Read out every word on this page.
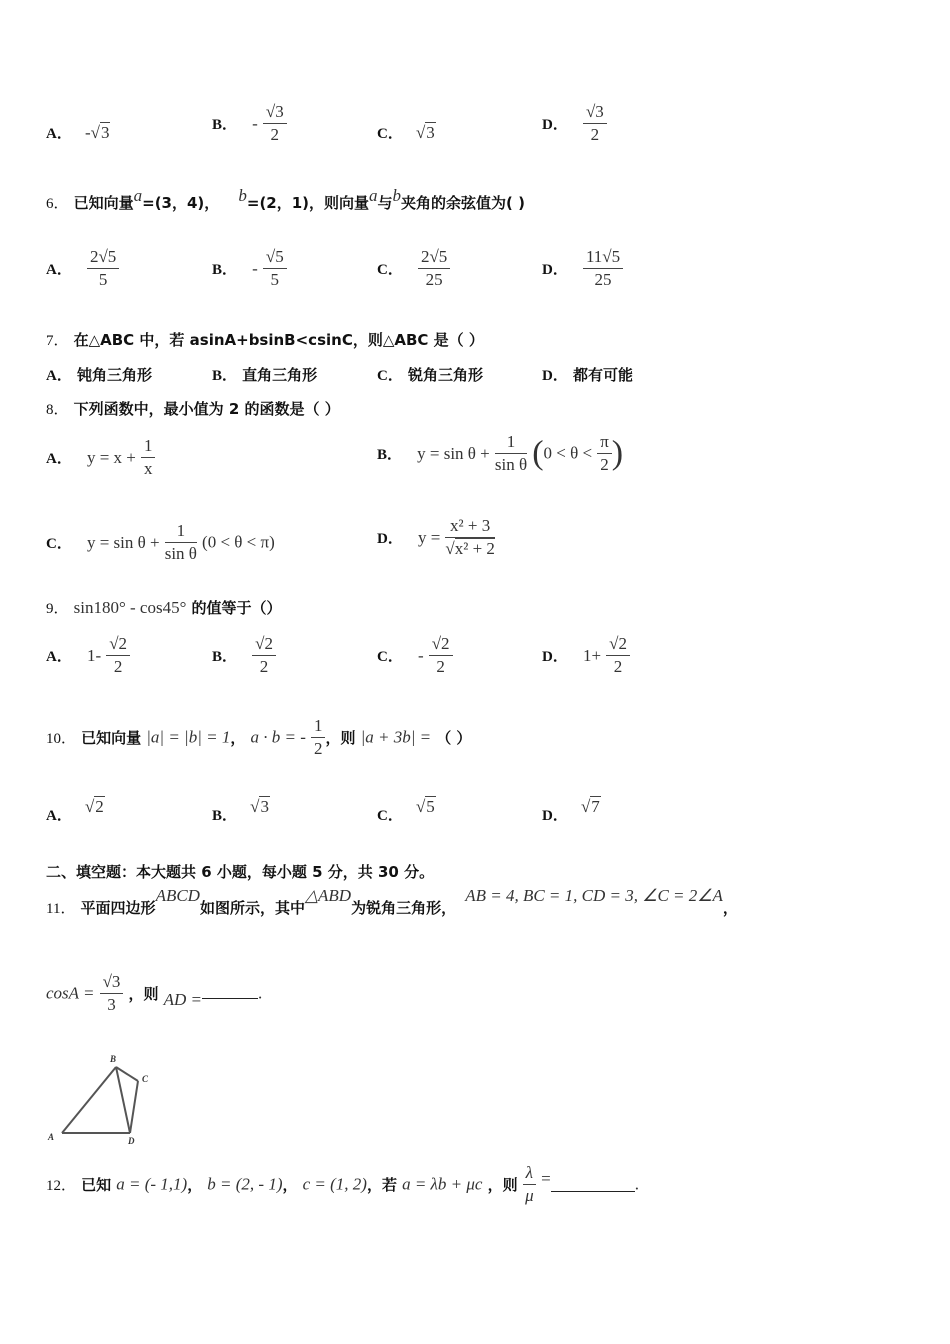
A． -√3	B． - $\frac{√3}{2}$	C． √3	D． $\frac{√3}{2}$
6． 已知向量a=(3，4)， b=(2，1)，则向量a与b夹角的余弦值为( )
A． $\frac{2√5}{5}$	B． - $\frac{√5}{5}$	C． $\frac{2√5}{25}$	D． $\frac{11√5}{25}$
7． 在△ABC 中，若 asinA+bsinB<csinC，则△ABC 是（ ）
A． 钝角三角形	B． 直角三角形	C． 锐角三角形	D． 都有可能
8． 下列函数中，最小值为 2 的函数是（ ）
A． $y = x + \frac{1}{x}$	B． $y = \sin \theta + \frac{1}{\text{sin θ}} (0 < \theta < \frac{\pi}{2}$ )
C． $y = \sin \theta + \frac{1}{\text{sin θ}} (0 < \theta < \pi)$	D． $y = \frac{\text{x² + 3}}{\text{√x² + 2}}$
9． sin180° - cos45° 的值等于（）
A． $1- \frac{√2}{2}$	B． $\frac{√2}{2}$	C． - $\frac{√2}{2}$	D． $1+ \frac{√2}{2}$
10． 已知向量 |a| = |b| = 1， a · b = - $\frac{1}{2}$ ，则 |a + 3b| = （ ）
A． √2	B． √3	C． √5	D． √7
二、填空题：本大题共 6 小题，每小题 5 分，共 30 分。
11． 平面四边形ABCD如图所示，其中△ABD为锐角三角形， AB = 4, BC = 1, CD = 3, ∠C = 2∠A，
$\cos A = \frac{√3}{3}$ ，则 AD =	.
A
B
C
D
12． 已知 a = (- 1,1)， b = (2, - 1)， c = (1, 2)，若 a = λb + μc ，则 $\frac{\lambda}{\mu}$ =	.
